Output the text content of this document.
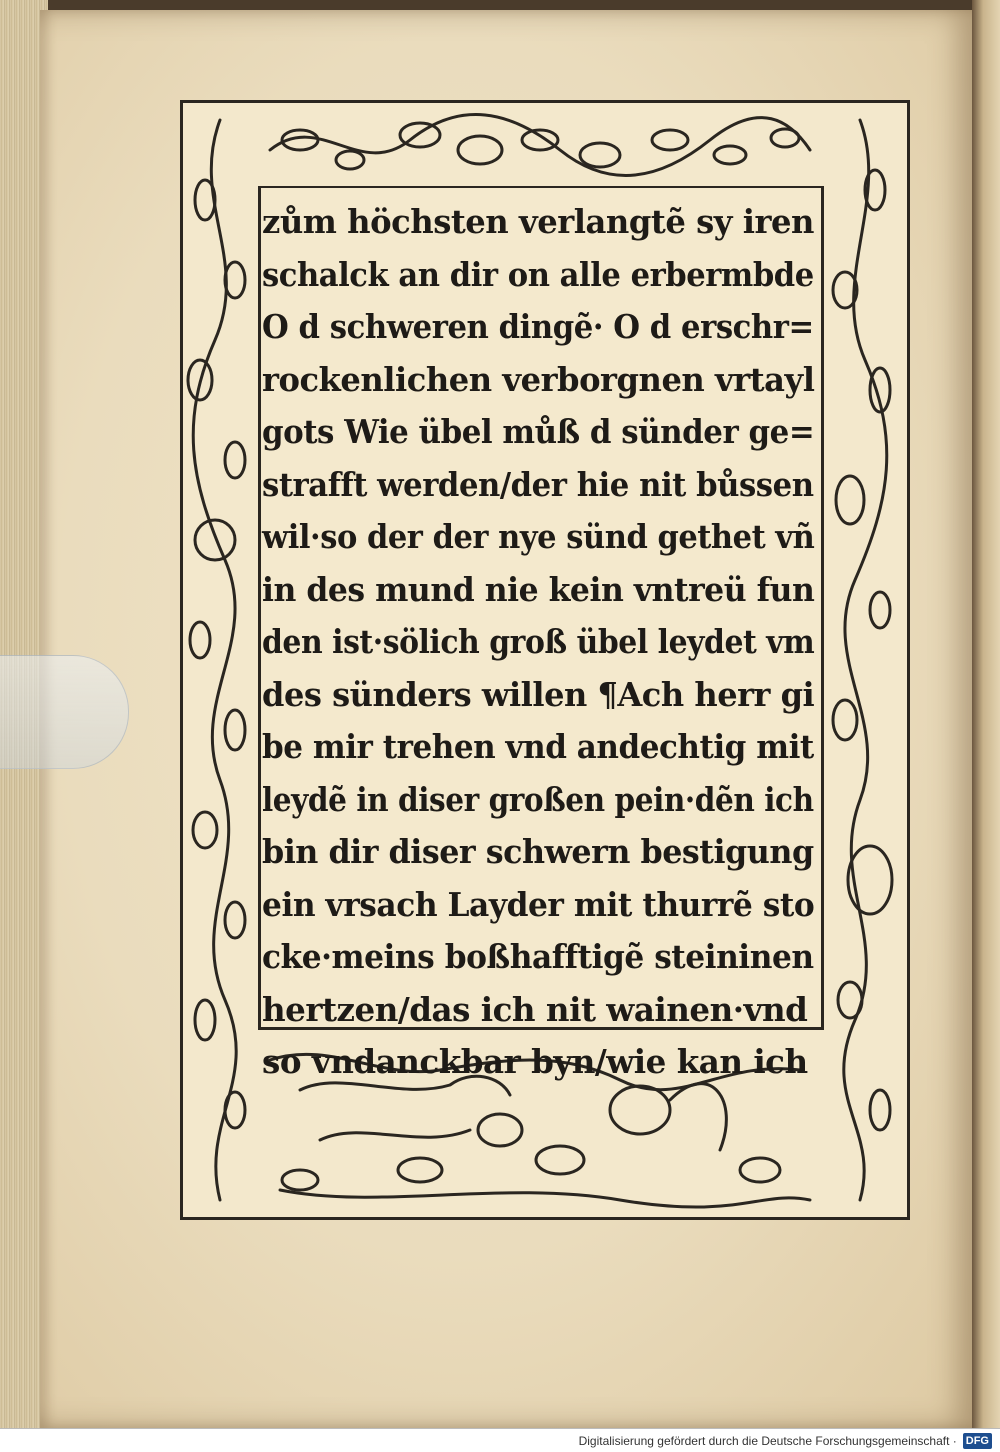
zům höchsten verlangtẽ sy iren
schalck an dir on alle erbermbde
O d schweren dingẽ· O d erschr=
rockenlichen verborgnen vrtayl
gots Wie übel můß d sünder ge=
strafft werden/der hie nit bůssen
wil·so der der nye sünd gethet vñ
in des mund nie kein vntreü fun
den ist·sölich groß übel leydet vm
des sünders willen ¶Ach herr gi
be mir trehen vnd andechtig mit
leydẽ in diser großen pein·dẽn ich
bin dir diser schwern bestigung
ein vrsach Layder mit thurrẽ sto
cke·meins boßhafftigẽ steininen
hertzen/das ich nit wainen·vnd
so vndanckbar byn/wie kan ich
Digitalisierung gefördert durch die Deutsche Forschungsgemeinschaft · DFG
